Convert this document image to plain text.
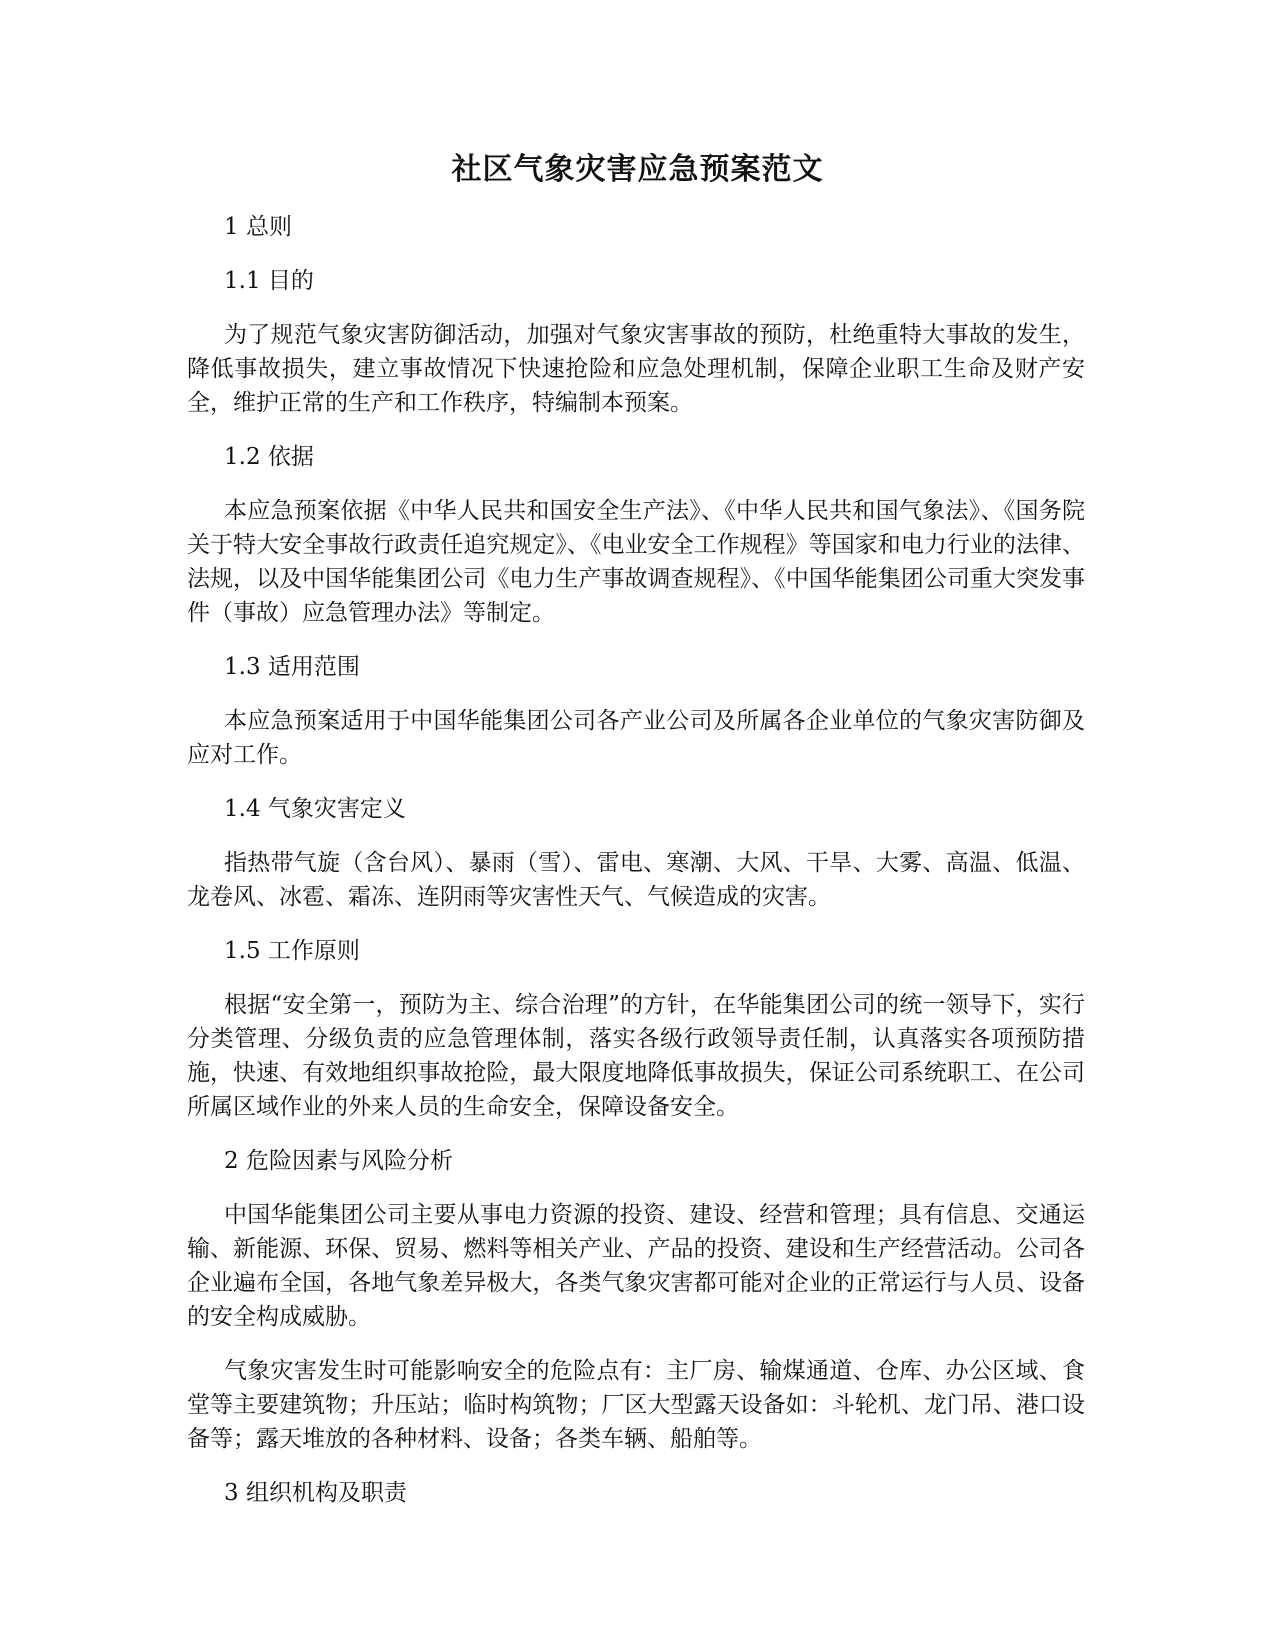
社区气象灾害应急预案范文
1 总则
1.1 目的
为了规范气象灾害防御活动，加强对气象灾害事故的预防，杜绝重特大事故的发生，降低事故损失，建立事故情况下快速抢险和应急处理机制，保障企业职工生命及财产安全，维护正常的生产和工作秩序，特编制本预案。
1.2 依据
本应急预案依据《中华人民共和国安全生产法》、《中华人民共和国气象法》、《国务院关于特大安全事故行政责任追究规定》、《电业安全工作规程》等国家和电力行业的法律、法规，以及中国华能集团公司《电力生产事故调查规程》、《中国华能集团公司重大突发事件（事故）应急管理办法》等制定。
1.3 适用范围
本应急预案适用于中国华能集团公司各产业公司及所属各企业单位的气象灾害防御及应对工作。
1.4 气象灾害定义
指热带气旋（含台风）、暴雨（雪）、雷电、寒潮、大风、干旱、大雾、高温、低温、龙卷风、冰雹、霜冻、连阴雨等灾害性天气、气候造成的灾害。
1.5 工作原则
根据“安全第一，预防为主、综合治理”的方针，在华能集团公司的统一领导下，实行分类管理、分级负责的应急管理体制，落实各级行政领导责任制，认真落实各项预防措施，快速、有效地组织事故抢险，最大限度地降低事故损失，保证公司系统职工、在公司所属区域作业的外来人员的生命安全，保障设备安全。
2 危险因素与风险分析
中国华能集团公司主要从事电力资源的投资、建设、经营和管理；具有信息、交通运输、新能源、环保、贸易、燃料等相关产业、产品的投资、建设和生产经营活动。公司各企业遍布全国，各地气象差异极大，各类气象灾害都可能对企业的正常运行与人员、设备的安全构成威胁。
气象灾害发生时可能影响安全的危险点有：主厂房、输煤通道、仓库、办公区域、食堂等主要建筑物；升压站；临时构筑物；厂区大型露天设备如：斗轮机、龙门吊、港口设备等；露天堆放的各种材料、设备；各类车辆、船舶等。
3 组织机构及职责
